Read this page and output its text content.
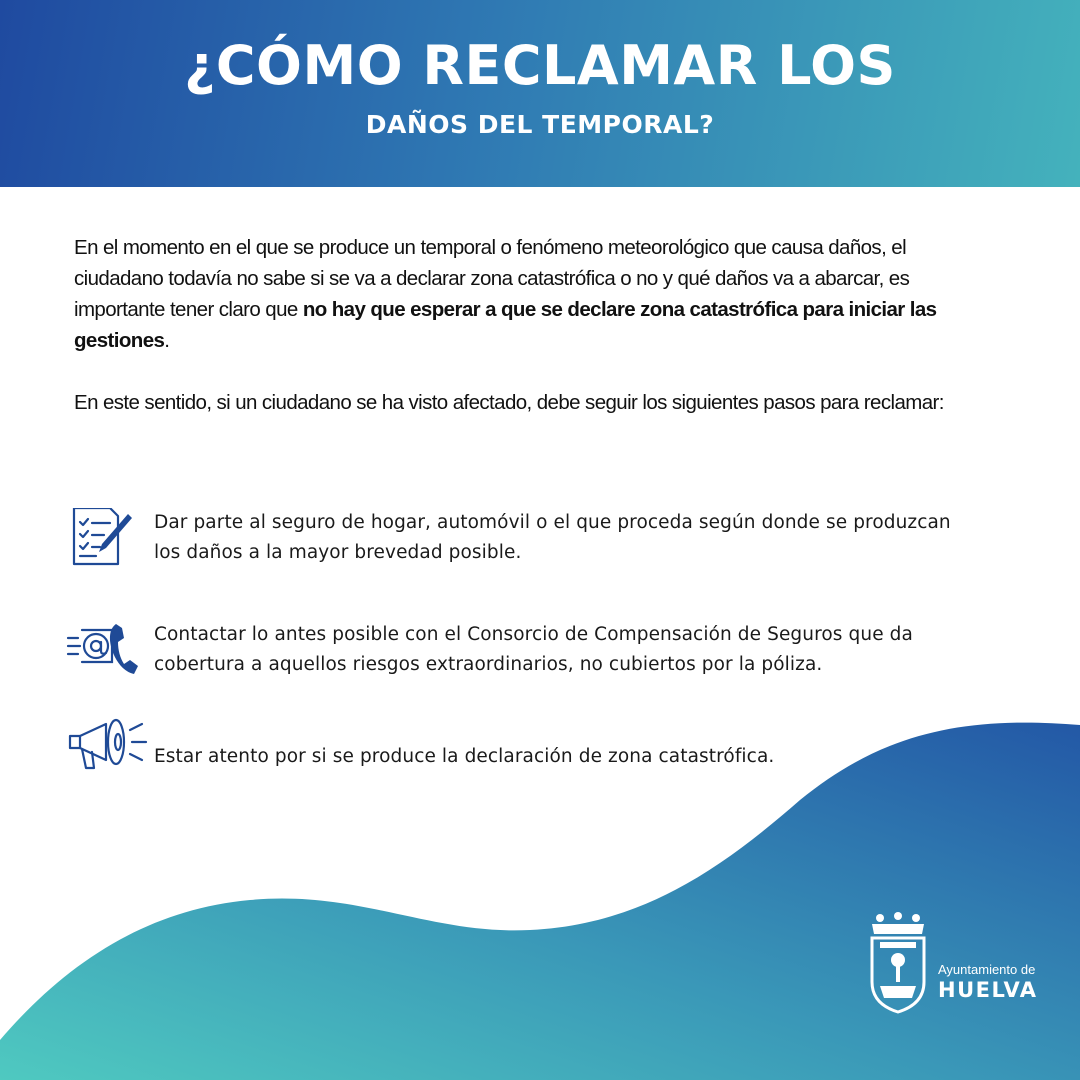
¿CÓMO RECLAMAR LOS
DAÑOS DEL TEMPORAL?

En el momento en el que se produce un temporal o fenómeno meteorológico que causa daños, el ciudadano todavía no sabe si se va a declarar zona catastrófica o no y qué daños va a abarcar, es importante tener claro que no hay que esperar a que se declare zona catastrófica para iniciar las gestiones.

En este sentido, si un ciudadano se ha visto afectado, debe seguir los siguientes pasos para reclamar:

Dar parte al seguro de hogar, automóvil o el que proceda según donde se produzcan los daños a la mayor brevedad posible.
Contactar lo antes posible con el Consorcio de Compensación de Seguros que da cobertura a aquellos riesgos extraordinarios, no cubiertos por la póliza.
Estar atento por si se produce la declaración de zona catastrófica.
Ayuntamiento de
HUELVA
